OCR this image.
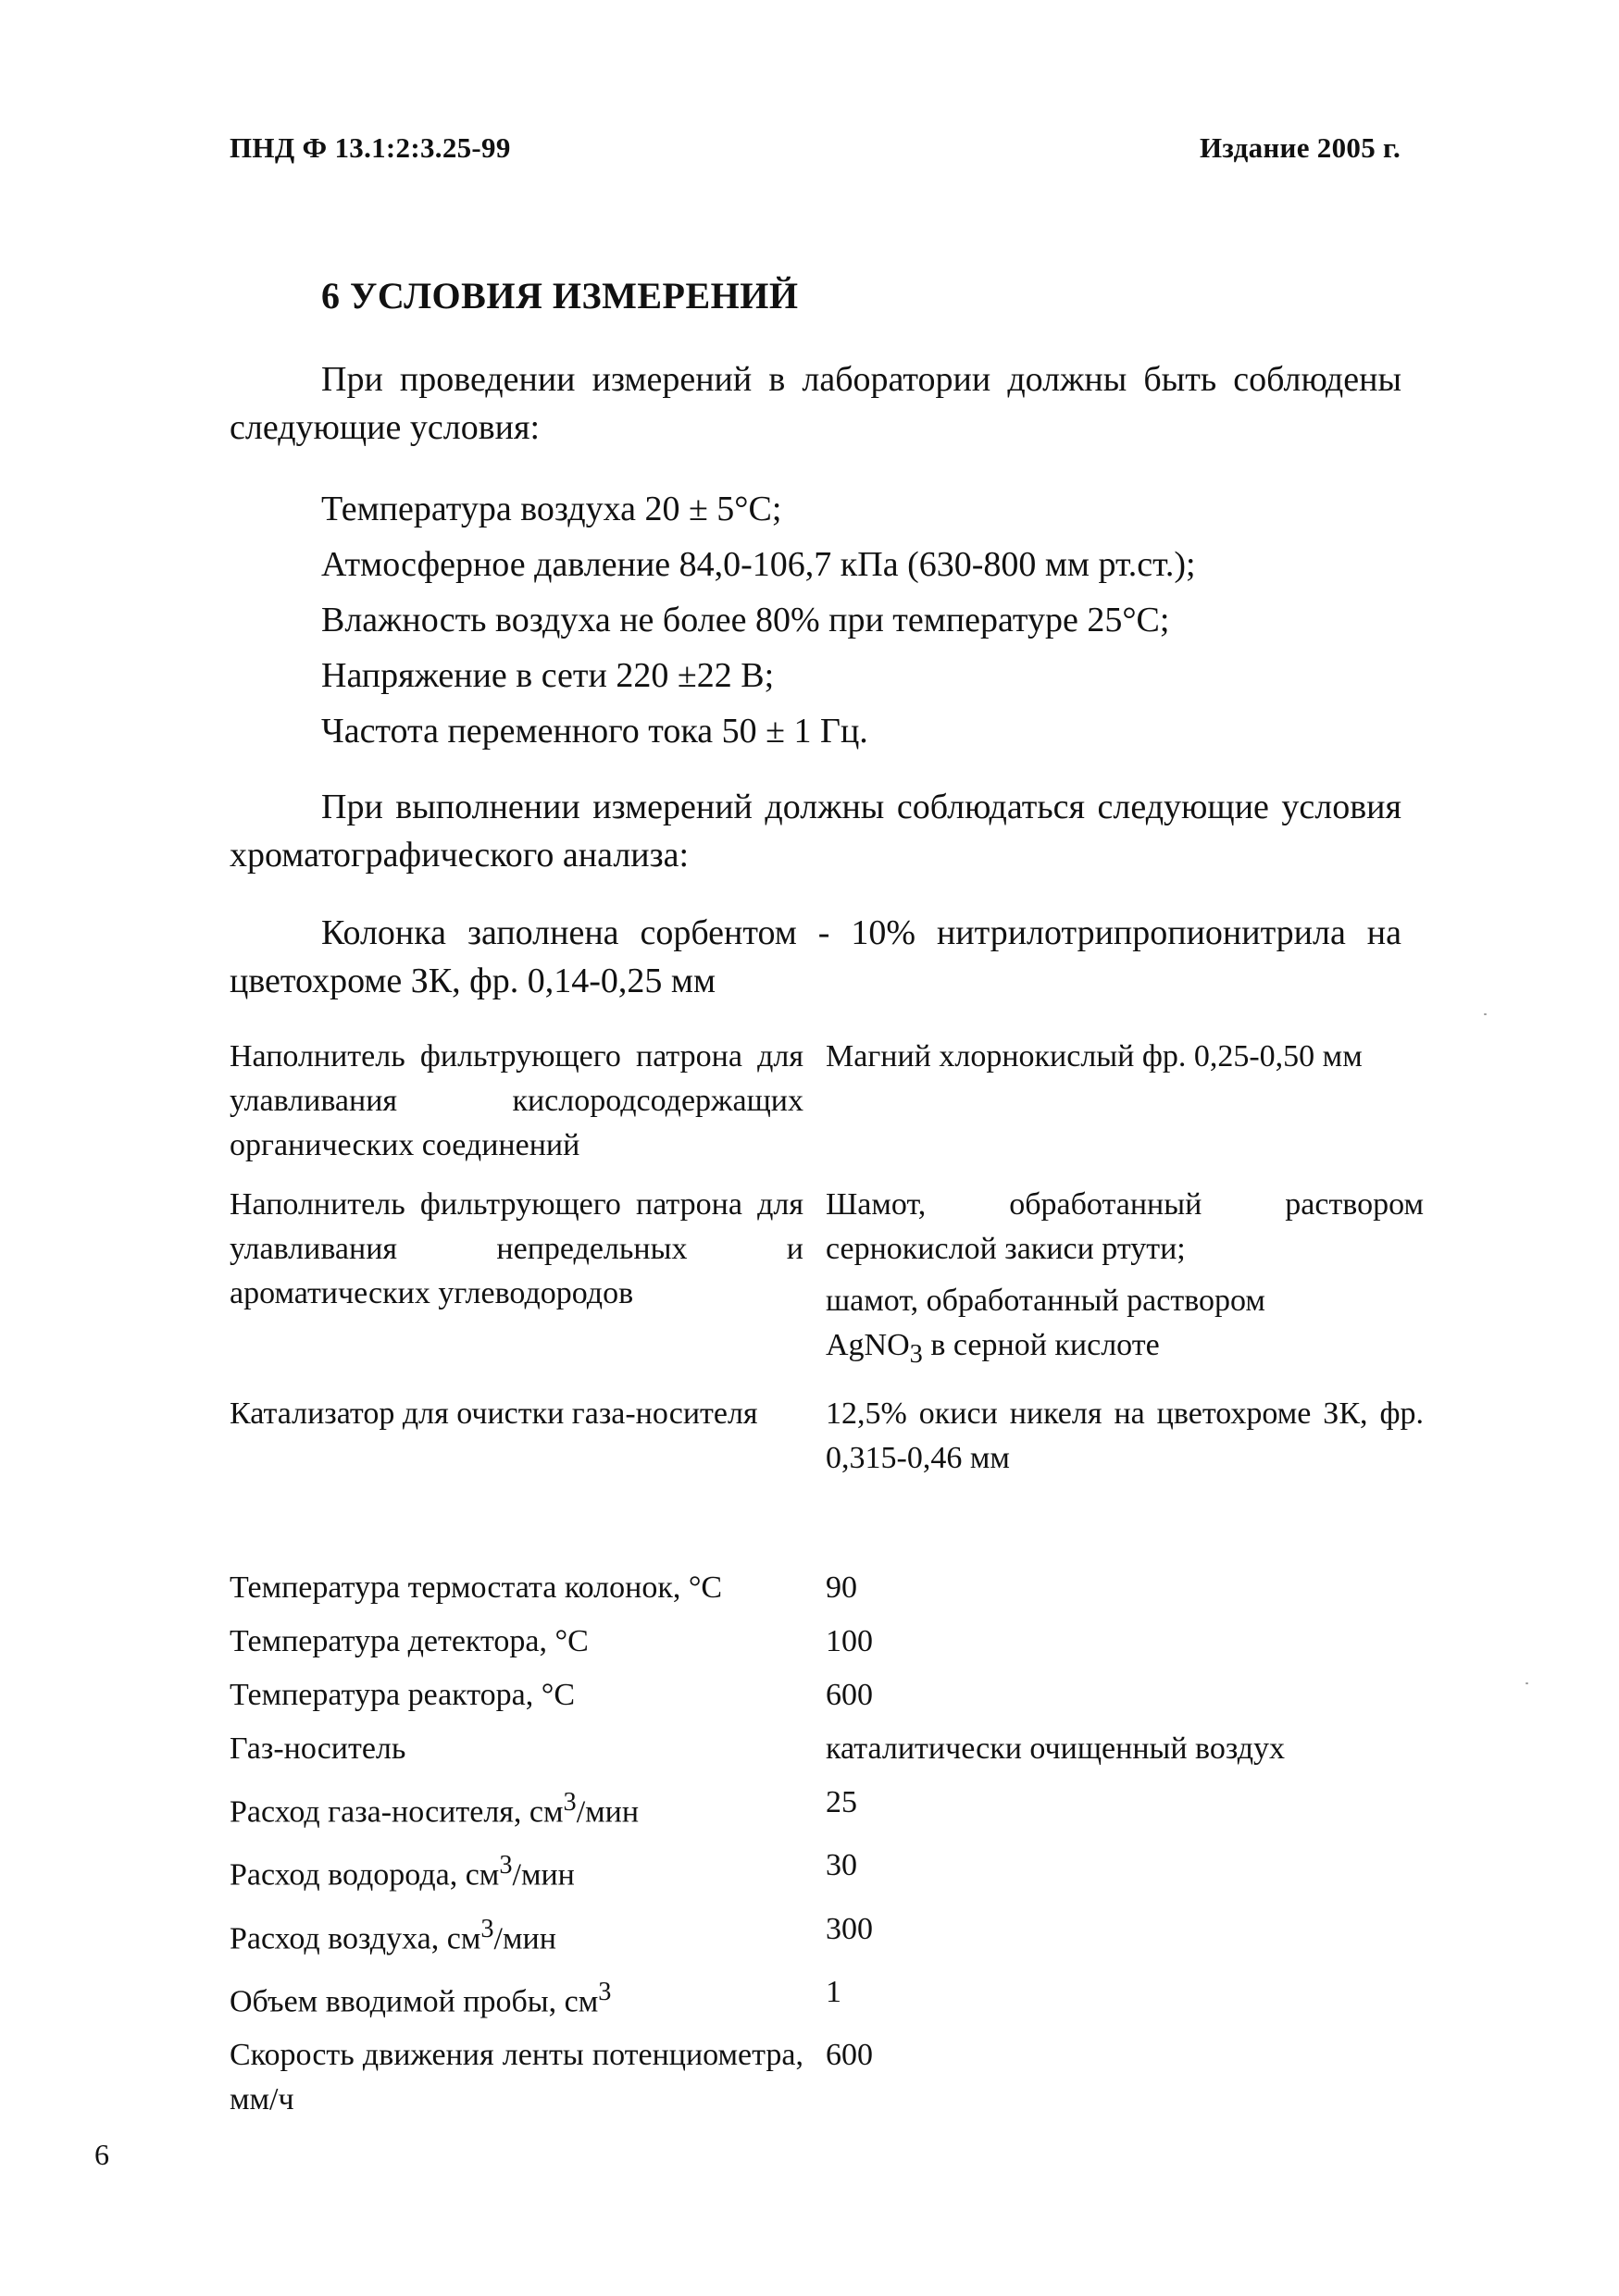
ПНД Ф 13.1:2:3.25-99	Издание 2005 г.
6 УСЛОВИЯ ИЗМЕРЕНИЙ

При проведении измерений в лаборатории должны быть соблюдены следующие условия:

Температура воздуха 20 ± 5°С;
Атмосферное давление 84,0-106,7 кПа (630-800 мм рт.ст.);
Влажность воздуха не более 80% при температуре 25°С;
Напряжение в сети 220 ±22 В;
Частота переменного тока 50 ± 1 Гц.

При выполнении измерений должны соблюдаться следующие условия хроматографического анализа:

Колонка заполнена сорбентом - 10% нитрилотрипропионитрила на цветохроме ЗК, фр. 0,14-0,25 мм

Наполнитель фильтрующего патрона для улавливания кислородсодержащих органических соединений		Магний хлорнокислый фр. 0,25-0,50 мм
Наполнитель фильтрующего патрона для улавливания непредельных и ароматических углеводородов		Шамот, обработанный раствором сернокислой закиси ртути;
шамот, обработанный раствором
AgNO$_3$ в серной кислоте

Катализатор для очистки газа-носителя		12,5% окиси никеля на цветохроме ЗК, фр. 0,315-0,46 мм
Температура термостата колонок, °С		90
Температура детектора, °С		100
Температура реактора, °С		600
Газ-носитель		каталитически очищенный воздух
Расход газа-носителя, $см^3$/мин		25
Расход водорода, $см^3$/мин		30
Расход воздуха, $см^3$/мин		300
Объем вводимой пробы, $см^3$		1
Скорость движения ленты потенциометра, мм/ч		600
6
